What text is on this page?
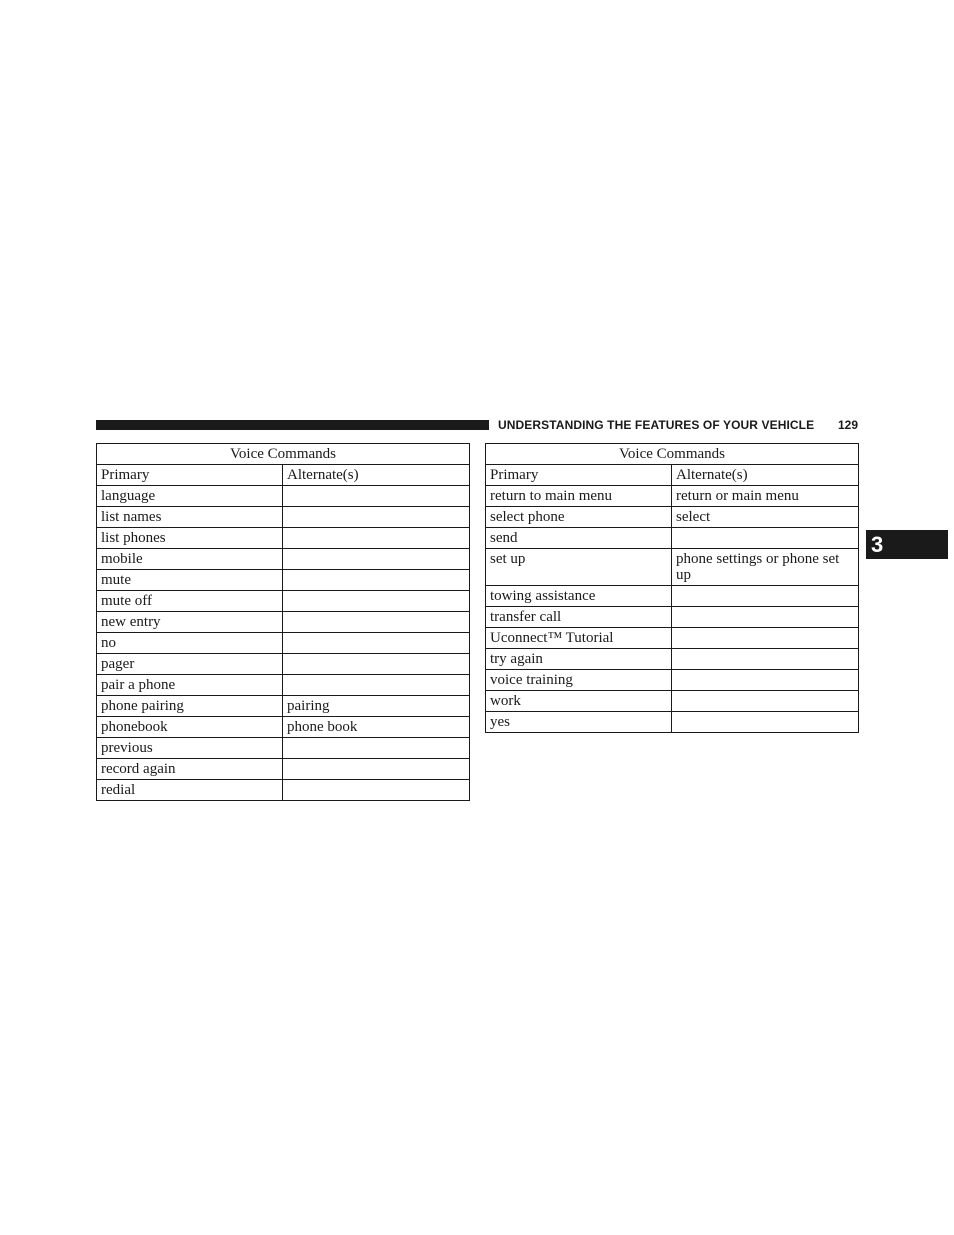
UNDERSTANDING THE FEATURES OF YOUR VEHICLE 129
3
Voice Commands	
Primary	Alternate(s)
language	
list names	
list phones	
mobile	
mute	
mute off	
new entry	
no	
pager	
pair a phone	
phone pairing	pairing
phonebook	phone book
previous	
record again	
redial	
Voice Commands	
Primary	Alternate(s)
return to main menu	return or main menu
select phone	select
send	
set up	phone settings or phone set up
towing assistance	
transfer call	
Uconnect™ Tutorial	
try again	
voice training	
work	
yes	
